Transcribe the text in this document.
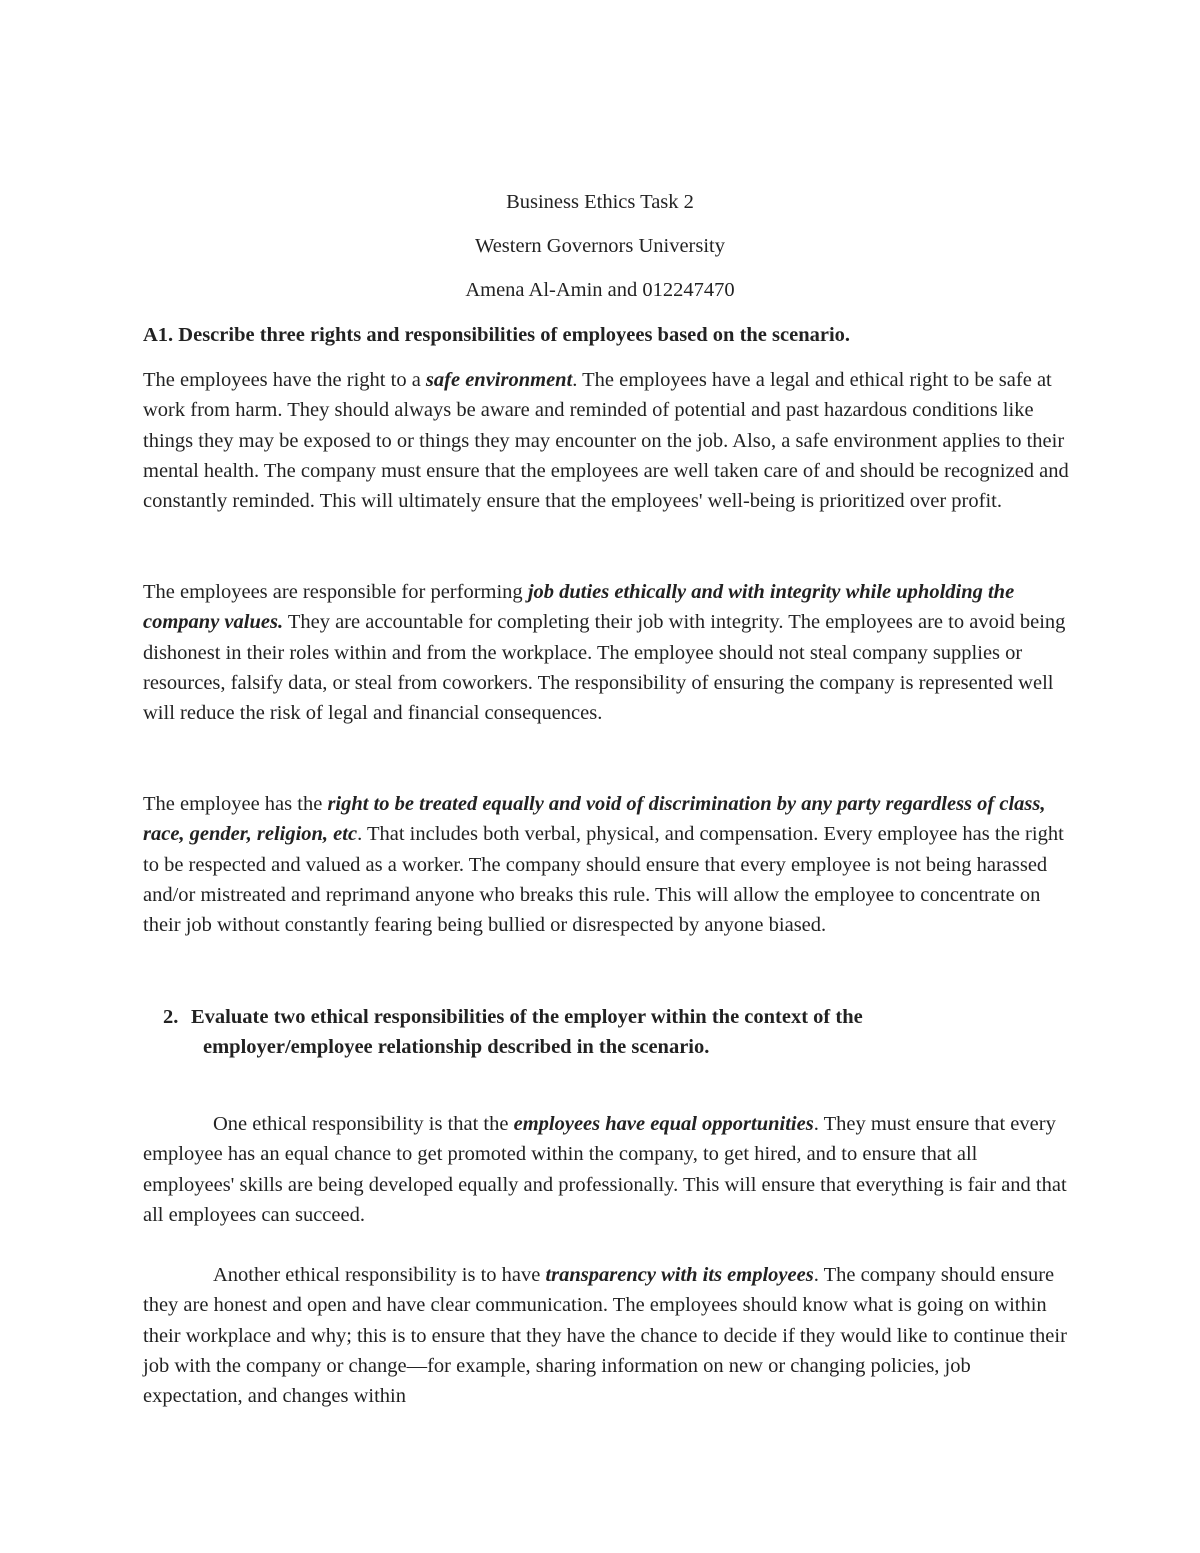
Business Ethics Task 2
Western Governors University
Amena Al-Amin and 012247470
A1. Describe three rights and responsibilities of employees based on the scenario.
The employees have the right to a safe environment. The employees have a legal and ethical right to be safe at work from harm. They should always be aware and reminded of potential and past hazardous conditions like things they may be exposed to or things they may encounter on the job. Also, a safe environment applies to their mental health. The company must ensure that the employees are well taken care of and should be recognized and constantly reminded. This will ultimately ensure that the employees' well-being is prioritized over profit.
The employees are responsible for performing job duties ethically and with integrity while upholding the company values. They are accountable for completing their job with integrity. The employees are to avoid being dishonest in their roles within and from the workplace. The employee should not steal company supplies or resources, falsify data, or steal from coworkers. The responsibility of ensuring the company is represented well will reduce the risk of legal and financial consequences.
The employee has the right to be treated equally and void of discrimination by any party regardless of class, race, gender, religion, etc. That includes both verbal, physical, and compensation. Every employee has the right to be respected and valued as a worker. The company should ensure that every employee is not being harassed and/or mistreated and reprimand anyone who breaks this rule. This will allow the employee to concentrate on their job without constantly fearing being bullied or disrespected by anyone biased.
2. Evaluate two ethical responsibilities of the employer within the context of the
employer/employee relationship described in the scenario.
One ethical responsibility is that the employees have equal opportunities. They must ensure that every employee has an equal chance to get promoted within the company, to get hired, and to ensure that all employees' skills are being developed equally and professionally. This will ensure that everything is fair and that all employees can succeed.
Another ethical responsibility is to have transparency with its employees. The company should ensure they are honest and open and have clear communication. The employees should know what is going on within their workplace and why; this is to ensure that they have the chance to decide if they would like to continue their job with the company or change—for example, sharing information on new or changing policies, job expectation, and changes within
